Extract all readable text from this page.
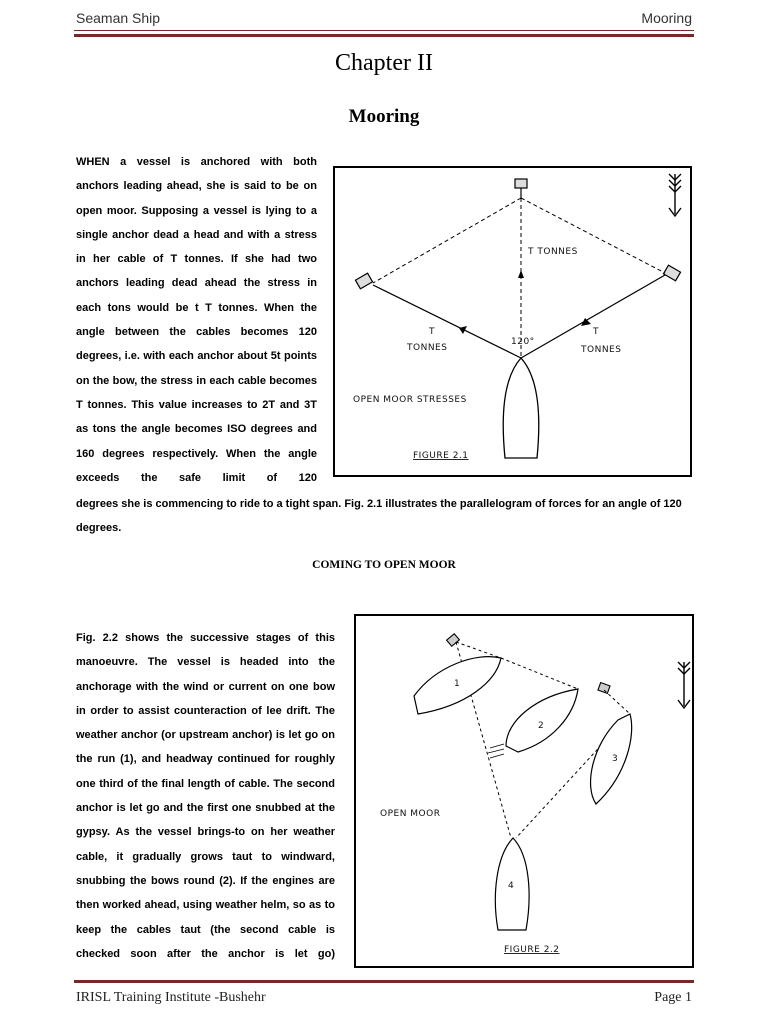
Seaman Ship	Mooring
Chapter II
Mooring
WHEN a vessel is anchored with both anchors leading ahead, she is said to be on open moor. Supposing a vessel is lying to a single anchor dead a head and with a stress in her cable of T tonnes. If she had two anchors leading dead ahead the stress in each tons would be t T tonnes. When the angle between the cables becomes 120 degrees, i.e. with each anchor about 5t points on the bow, the stress in each cable becomes T tonnes. This value increases to 2T and 3T as tons the angle becomes ISO degrees and 160 degrees respectively. When the angle exceeds the safe limit of 120
120°
T TONNES
T
TONNES
T
TONNES
OPEN MOOR STRESSES
FIGURE 2.1
degrees she is commencing to ride to a tight span. Fig. 2.1 illustrates the parallelogram of forces for an angle of 120 degrees.
COMING TO OPEN MOOR
Fig. 2.2 shows the successive stages of this manoeuvre. The vessel is headed into the anchorage with the wind or current on one bow in order to assist counteraction of lee drift. The weather anchor (or upstream anchor) is let go on the run (1), and headway continued for roughly one third of the final length of cable. The second anchor is let go and the first one snubbed at the gypsy. As the vessel brings-to on her weather cable, it gradually grows taut to windward, snubbing the bows round (2). If the engines are then worked ahead, using weather helm, so as to keep the cables taut (the second cable is checked soon after the anchor is let go)
1
2
3
4
OPEN MOOR
FIGURE 2.2
IRISL Training Institute -Bushehr	Page 1
